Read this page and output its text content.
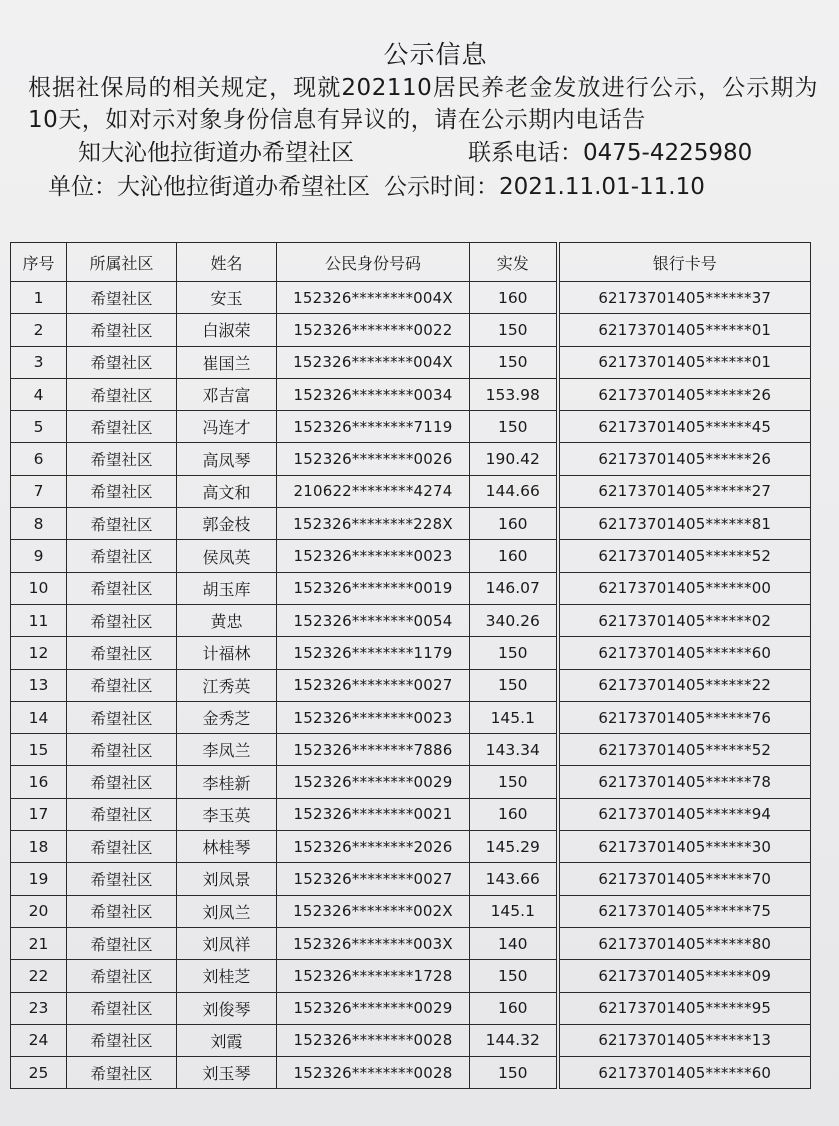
公示信息
根据社保局的相关规定，现就202110居民养老金发放进行公示，公示期为10天，如对示对象身份信息有异议的，请在公示期内电话告
知大沁他拉街道办希望社区	联系电话： 0475-4225980
单位：大沁他拉街道办希望社区 公示时间：2021.11.01-11.10
序号	所属社区	姓名	公民身份号码	实发	银行卡号
1	希望社区	安玉	152326********004X	160	62173701405******37
2	希望社区	白淑荣	152326********0022	150	62173701405******01
3	希望社区	崔国兰	152326********004X	150	62173701405******01
4	希望社区	邓吉富	152326********0034	153.98	62173701405******26
5	希望社区	冯连才	152326********7119	150	62173701405******45
6	希望社区	高凤琴	152326********0026	190.42	62173701405******26
7	希望社区	高文和	210622********4274	144.66	62173701405******27
8	希望社区	郭金枝	152326********228X	160	62173701405******81
9	希望社区	侯凤英	152326********0023	160	62173701405******52
10	希望社区	胡玉库	152326********0019	146.07	62173701405******00
11	希望社区	黄忠	152326********0054	340.26	62173701405******02
12	希望社区	计福林	152326********1179	150	62173701405******60
13	希望社区	江秀英	152326********0027	150	62173701405******22
14	希望社区	金秀芝	152326********0023	145.1	62173701405******76
15	希望社区	李凤兰	152326********7886	143.34	62173701405******52
16	希望社区	李桂新	152326********0029	150	62173701405******78
17	希望社区	李玉英	152326********0021	160	62173701405******94
18	希望社区	林桂琴	152326********2026	145.29	62173701405******30
19	希望社区	刘凤景	152326********0027	143.66	62173701405******70
20	希望社区	刘凤兰	152326********002X	145.1	62173701405******75
21	希望社区	刘凤祥	152326********003X	140	62173701405******80
22	希望社区	刘桂芝	152326********1728	150	62173701405******09
23	希望社区	刘俊琴	152326********0029	160	62173701405******95
24	希望社区	刘霞	152326********0028	144.32	62173701405******13
25	希望社区	刘玉琴	152326********0028	150	62173701405******60
